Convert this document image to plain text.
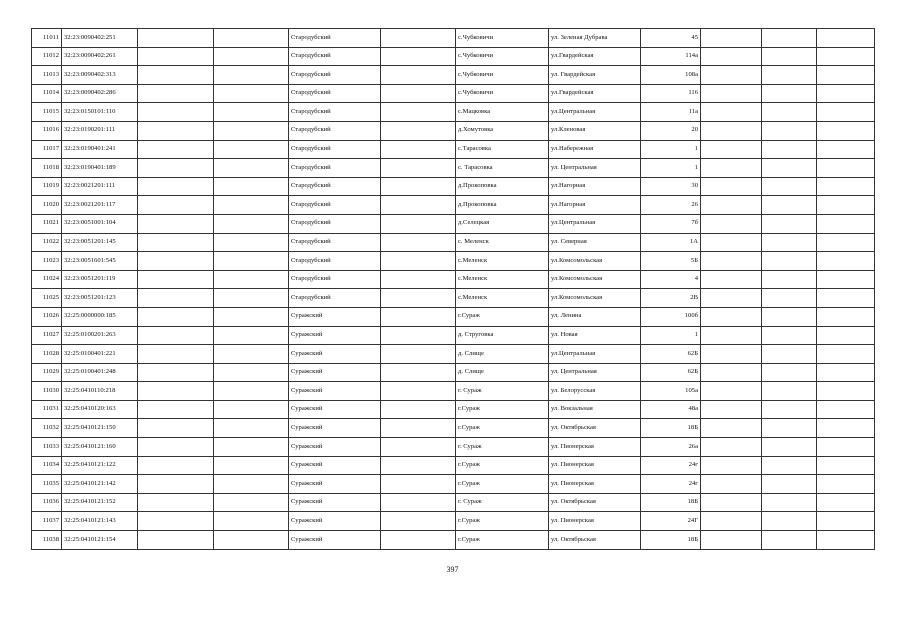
11011	32:23:0090402:251			Стародубский		с.Чубковичи	ул. Зеленая Дубрава	45			
11012	32:23:0090402:261			Стародубский		с.Чубковичи	ул.Гвардейская	114а			
11013	32:23:0090402:313			Стародубский		с.Чубковичи	ул. Гвардейская	108а			
11014	32:23:0090402:286			Стародубский		с.Чубковичи	ул.Гвардейская	116			
11015	32:23:0150101:110			Стародубский		с.Мацковка	ул.Центральная	11а			
11016	32:23:0190201:111			Стародубский		д.Хомутовка	ул.Кленовая	20			
11017	32:23:0190401:241			Стародубский		с.Тарасовка	ул.Набережная	1			
11018	32:23:0190401:189			Стародубский		с. Тарасовка	ул. Центральная	1			
11019	32:23:0021201:111			Стародубский		д.Прокоповка	ул.Нагорная	30			
11020	32:23:0021201:117			Стародубский		д.Прокоповка	ул.Нагорная	26			
11021	32:23:0051001:104			Стародубский		д.Селецкая	ул.Центральная	7б			
11022	32:23:0051201:145			Стародубский		с. Меленск	ул. Северная	1А			
11023	32:23:0051601:545			Стародубский		с.Меленск	ул.Комсомольская	5Б			
11024	32:23:0051201:119			Стародубский		с.Меленск	ул.Комсомольская	4			
11025	32:23:0051201:123			Стародубский		с.Меленск	ул.Комсомольская	2В			
11026	32:25:0000000:185			Суражский		г.Сураж	ул. Ленина	100б			
11027	32:25:0100201:263			Суражский		д. Струговка	ул. Новая	1			
11028	32:25:0100401:221			Суражский		д. Слище	ул.Центральная	62Б			
11029	32:25:0100401:248			Суражский		д. Слище	ул. Центральная	62Б			
11030	32:25:0410110:218			Суражский		г. Сураж	ул. Белорусская	105а			
11031	32:25:0410120:163			Суражский		г.Сураж	ул. Вокзальная	48а			
11032	32:25:0410121:150			Суражский		г.Сураж	ул. Октябрьская	18Б			
11033	32:25:0410121:160			Суражский		г. Сураж	ул. Пионерская	26а			
11034	32:25:0410121:122			Суражский		г.Сураж	ул. Пионерская	24г			
11035	32:25:0410121:142			Суражский		г.Сураж	ул. Пионерская	24г			
11036	32:25:0410121:152			Суражский		г. Сураж	ул. Октябрьская	18Б			
11037	32:25:0410121:143			Суражский		г.Сураж	ул. Пионерская	24Г			
11038	32:25:0410121:154			Суражский		г.Сураж	ул. Октябрьская	18Б			
397
